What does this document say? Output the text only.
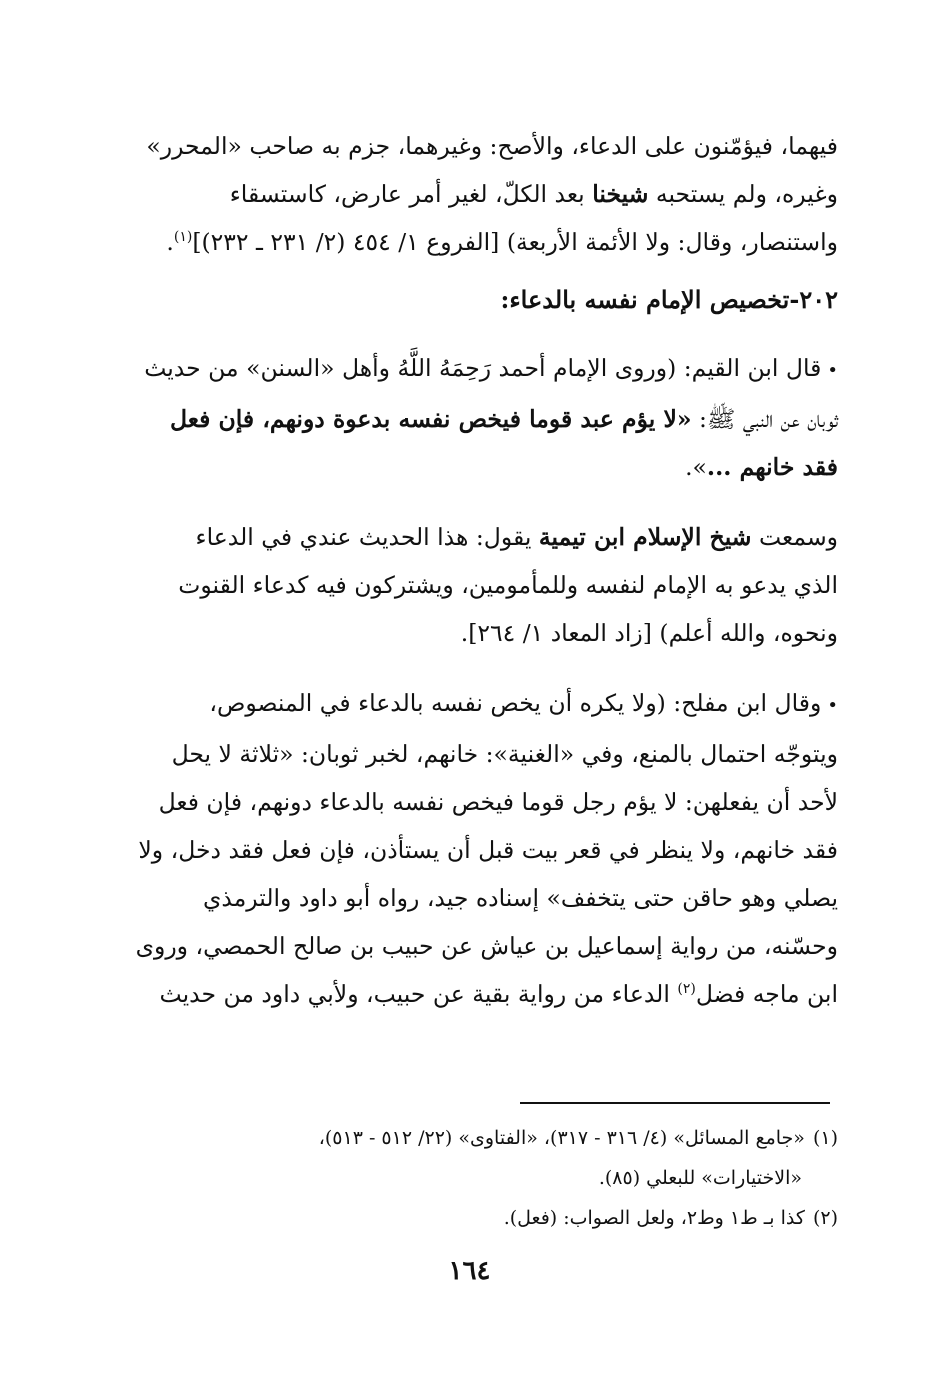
فيهما، فيؤمّنون على الدعاء، والأصح: وغيرهما، جزم به صاحب «المحرر»
وغيره، ولم يستحبه شيخنا بعد الكلّ، لغير أمر عارض، كاستسقاء
واستنصار، وقال: ولا الأئمة الأربعة) [الفروع ١/ ٤٥٤ (٢/ ٢٣١ ـ ٢٣٢)]$^{(١)}$.

٢٠٢-تخصيص الإمام نفسه بالدعاء:

•قال ابن القيم: (وروى الإمام أحمد رَحِمَهُ اللَّهُ وأهل «السنن» من حديث
ثوبان عن النبي ﷺ: «لا يؤم عبد قوما فيخص نفسه بدعوة دونهم، فإن فعل
فقد خانهم ...».

وسمعت شيخ الإسلام ابن تيمية يقول: هذا الحديث عندي في الدعاء
الذي يدعو به الإمام لنفسه وللمأمومين، ويشتركون فيه كدعاء القنوت
ونحوه، والله أعلم) [زاد المعاد ١/ ٢٦٤].

•وقال ابن مفلح: (ولا يكره أن يخص نفسه بالدعاء في المنصوص،
ويتوجّه احتمال بالمنع، وفي «الغنية»: خانهم، لخبر ثوبان: «ثلاثة لا يحل
لأحد أن يفعلهن: لا يؤم رجل قوما فيخص نفسه بالدعاء دونهم، فإن فعل
فقد خانهم، ولا ينظر في قعر بيت قبل أن يستأذن، فإن فعل فقد دخل، ولا
يصلي وهو حاقن حتى يتخفف» إسناده جيد، رواه أبو داود والترمذي
وحسّنه، من رواية إسماعيل بن عياش عن حبيب بن صالح الحمصي، وروى
ابن ماجه فضل$^{(٢)}$ الدعاء من رواية بقية عن حبيب، ولأبي داود من حديث

(١)«جامع المسائل» (٤/ ٣١٦ - ٣١٧)، «الفتاوى» (٢٢/ ٥١٢ - ٥١٣)،

«الاختيارات» للبعلي (٨٥).

(٢)كذا بـ ط١ وط٢، ولعل الصواب: (فعل).

١٦٤
